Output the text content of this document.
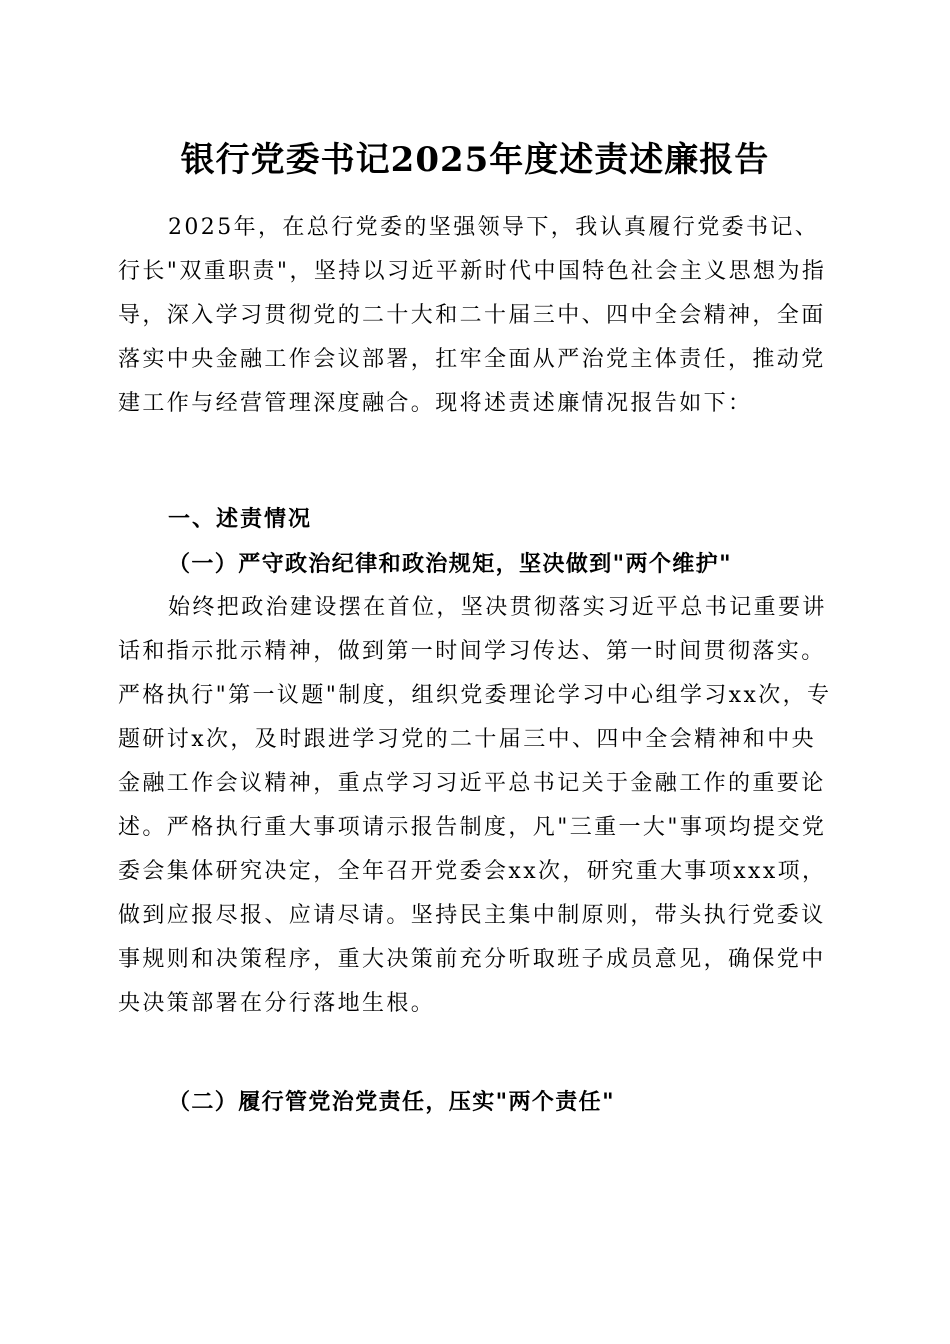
银行党委书记2025年度述责述廉报告

2025年，在总行党委的坚强领导下，我认真履行党委书记、行长"双重职责"，坚持以习近平新时代中国特色社会主义思想为指导，深入学习贯彻党的二十大和二十届三中、四中全会精神，全面落实中央金融工作会议部署，扛牢全面从严治党主体责任，推动党建工作与经营管理深度融合。现将述责述廉情况报告如下：

一、述责情况
（一）严守政治纪律和政治规矩，坚决做到"两个维护"

始终把政治建设摆在首位，坚决贯彻落实习近平总书记重要讲话和指示批示精神，做到第一时间学习传达、第一时间贯彻落实。严格执行"第一议题"制度，组织党委理论学习中心组学习xx次，专题研讨x次，及时跟进学习党的二十届三中、四中全会精神和中央金融工作会议精神，重点学习习近平总书记关于金融工作的重要论述。严格执行重大事项请示报告制度，凡"三重一大"事项均提交党委会集体研究决定，全年召开党委会xx次，研究重大事项xxx项，做到应报尽报、应请尽请。坚持民主集中制原则，带头执行党委议事规则和决策程序，重大决策前充分听取班子成员意见，确保党中央决策部署在分行落地生根。

（二）履行管党治党责任，压实"两个责任"
